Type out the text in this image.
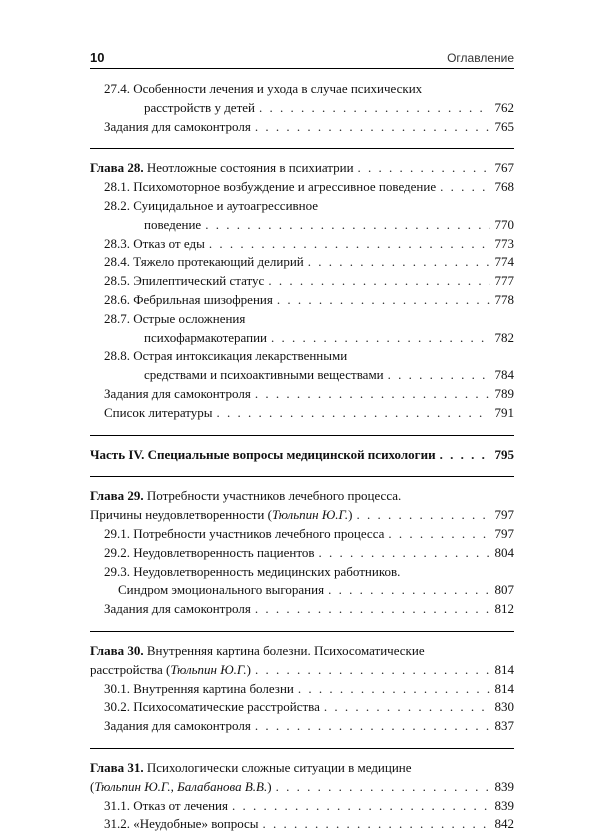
10	Оглавление
27.4. Особенности лечения и ухода в случае психических
расстройств у детей . . .	762
Задания для самоконтроля . . .	765
Глава 28. Неотложные состояния в психиатрии . . .	767
28.1. Психомоторное возбуждение и агрессивное поведение . . .	768
28.2. Суицидальное и аутоагрессивное
поведение . . .	770
28.3. Отказ от еды . . .	773
28.4. Тяжело протекающий делирий . . .	774
28.5. Эпилептический статус . . .	777
28.6. Фебрильная шизофрения . . .	778
28.7. Острые осложнения
психофармакотерапии . . .	782
28.8. Острая интоксикация лекарственными
средствами и психоактивными веществами . . .	784
Задания для самоконтроля . . .	789
Список литературы . . .	791
Часть IV. Специальные вопросы медицинской психологии . . .	795
Глава 29. Потребности участников лечебного процесса.
Причины неудовлетворенности (Тюльпин Ю.Г.) . . .	797
29.1. Потребности участников лечебного процесса . . .	797
29.2. Неудовлетворенность пациентов . . .	804
29.3. Неудовлетворенность медицинских работников.
Синдром эмоционального выгорания . . .	807
Задания для самоконтроля . . .	812
Глава 30. Внутренняя картина болезни. Психосоматические
расстройства (Тюльпин Ю.Г.) . . .	814
30.1. Внутренняя картина болезни . . .	814
30.2. Психосоматические расстройства . . .	830
Задания для самоконтроля . . .	837
Глава 31. Психологически сложные ситуации в медицине
(Тюльпин Ю.Г., Балабанова В.В.) . . .	839
31.1. Отказ от лечения . . .	839
31.2. «Неудобные» вопросы . . .	842
